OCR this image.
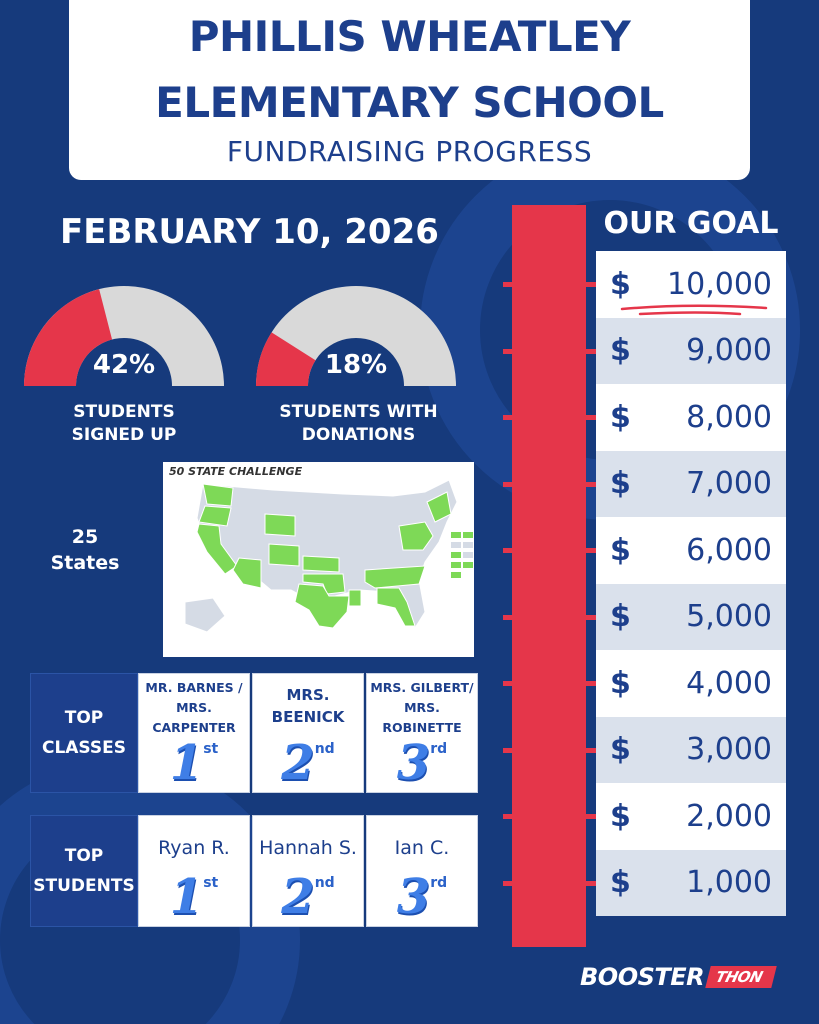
PHILLIS WHEATLEY
ELEMENTARY SCHOOL
FUNDRAISING PROGRESS
FEBRUARY 10, 2026
42%
STUDENTS
SIGNED UP
18%
STUDENTS WITH
DONATIONS
25
States
50 STATE CHALLENGE
TOP
CLASSES
MR. BARNES / MRS. CARPENTER
1st
MRS. BEENICK
2nd
MRS. GILBERT/ MRS. ROBINETTE
3rd
TOP
STUDENTS
Ryan R.
1st
Hannah S.
2nd
Ian C.
3rd
OUR GOAL
$	10,000
$	9,000
$	8,000
$	7,000
$	6,000
$	5,000
$	4,000
$	3,000
$	2,000
$	1,000
BOOSTER THON
